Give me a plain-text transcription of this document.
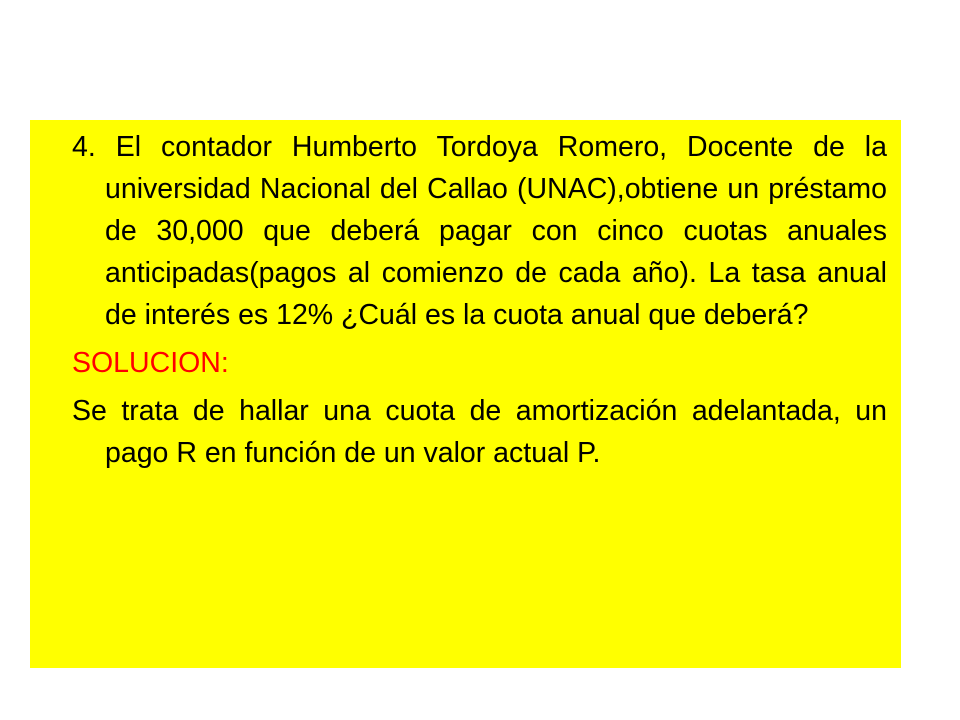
4. El contador Humberto Tordoya Romero, Docente de la universidad Nacional del Callao (UNAC),obtiene un préstamo de 30,000 que deberá pagar con cinco cuotas anuales anticipadas(pagos al comienzo de cada año). La tasa anual de interés es 12% ¿Cuál es la cuota anual que deberá?

SOLUCION:

Se trata de hallar una cuota de amortización adelantada, un pago R en función de un valor actual P.
